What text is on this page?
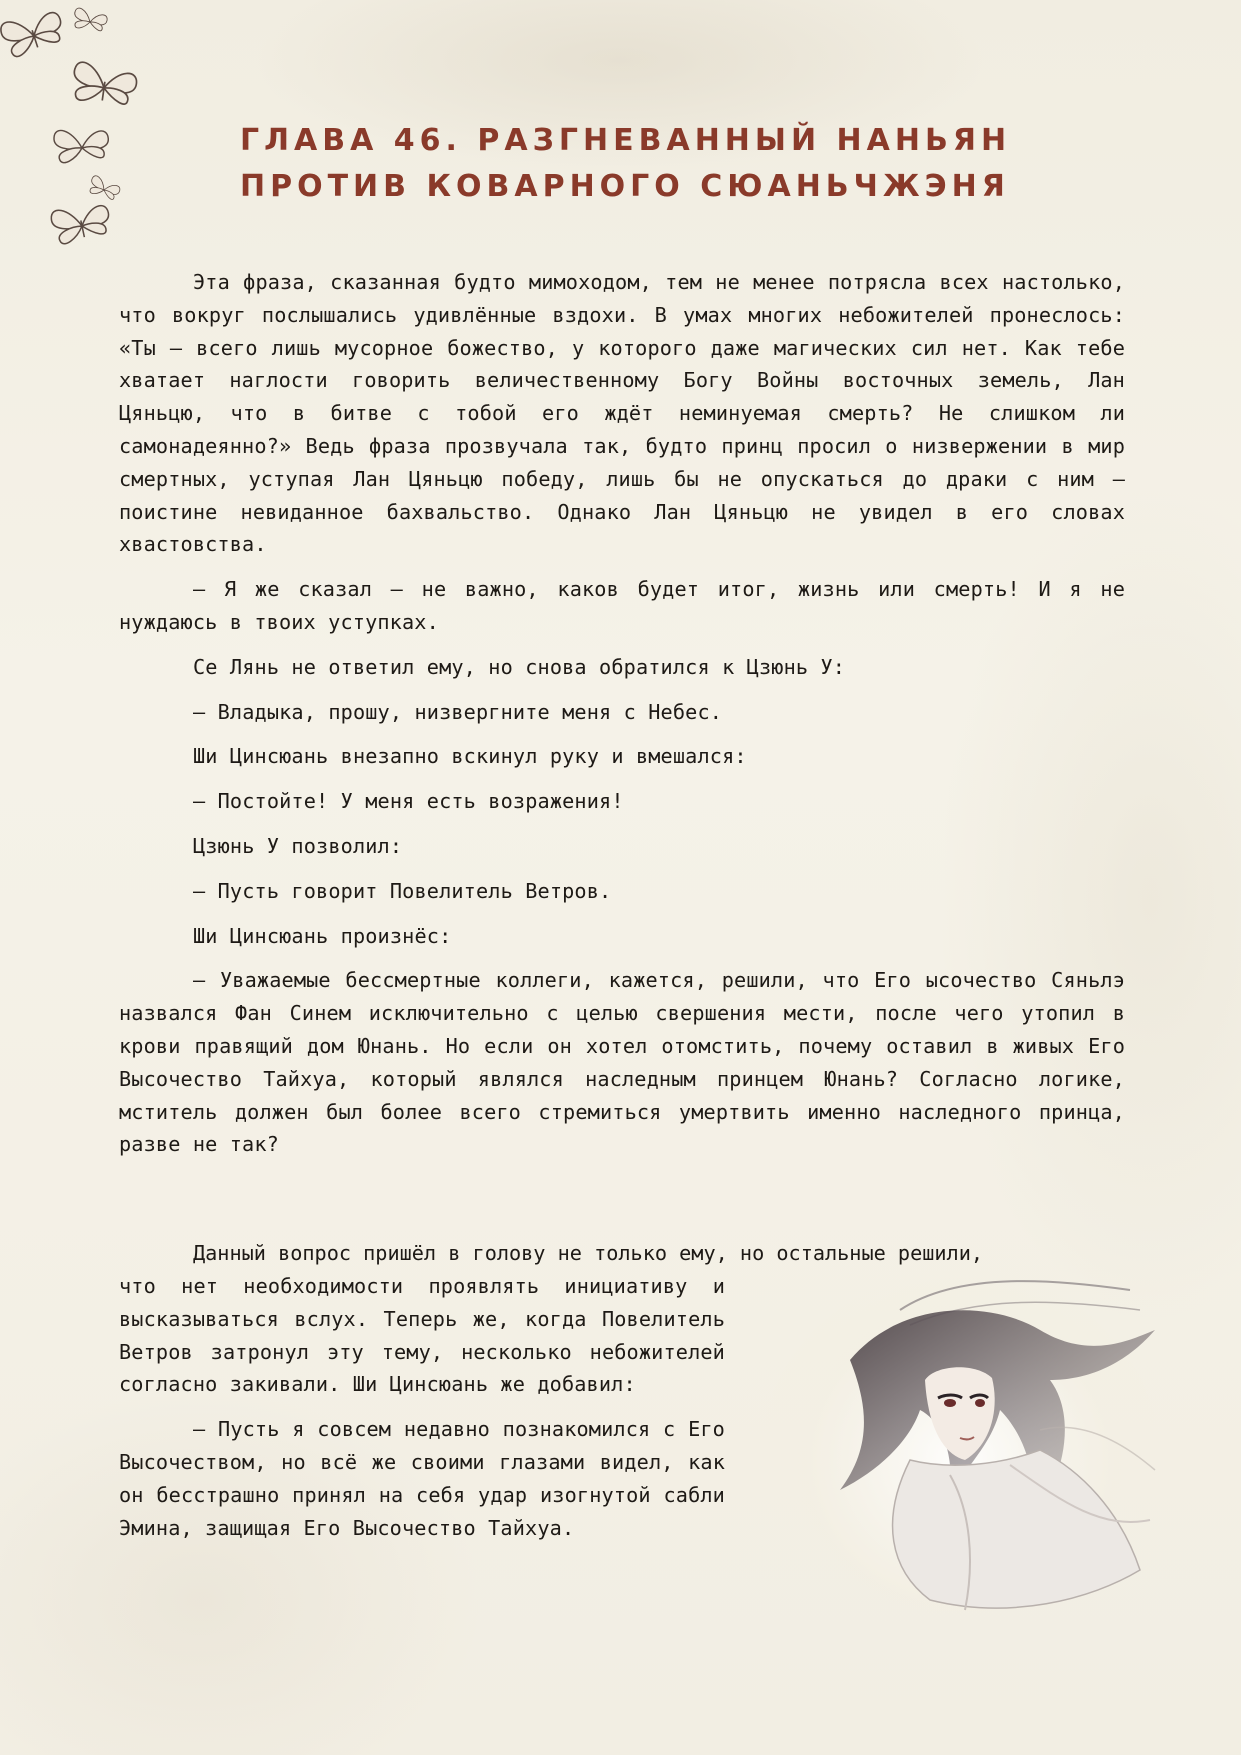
ГЛАВА 46. РАЗГНЕВАННЫЙ НАНЬЯН
ПРОТИВ КОВАРНОГО СЮАНЬЧЖЭНЯ

Эта фраза, сказанная будто мимоходом, тем не менее потрясла всех настолько, что вокруг послышались удивлённые вздохи. В умах многих небожителей пронеслось: «Ты — всего лишь мусорное божество, у которого даже магических сил нет. Как тебе хватает наглости говорить величественному Богу Войны восточных земель, Лан Цяньцю, что в битве с тобой его ждёт неминуемая смерть? Не слишком ли самонадеянно?» Ведь фраза прозвучала так, будто принц просил о низвержении в мир смертных, уступая Лан Цяньцю победу, лишь бы не опускаться до драки с ним — поистине невиданное бахвальство. Однако Лан Цяньцю не увидел в его словах хвастовства.

— Я же сказал — не важно, каков будет итог, жизнь или смерть! И я не нуждаюсь в твоих уступках.

Се Лянь не ответил ему, но снова обратился к Цзюнь У:

— Владыка, прошу, низвергните меня с Небес.

Ши Цинсюань внезапно вскинул руку и вмешался:

— Постойте! У меня есть возражения!

Цзюнь У позволил:

— Пусть говорит Повелитель Ветров.

Ши Цинсюань произнёс:

— Уважаемые бессмертные коллеги, кажется, решили, что Его ысочество Сяньлэ назвался Фан Синем исключительно с целью свершения мести, после чего утопил в крови правящий дом Юнань. Но если он хотел отомстить, почему оставил в живых Его Высочество Тайхуа, который являлся наследным принцем Юнань? Согласно логике, мститель должен был более всего стремиться умертвить именно наследного принца, разве не так?

Данный вопрос пришёл в голову не только ему, но остальные решили,

что нет необходимости проявлять инициативу и высказываться вслух. Теперь же, когда Повелитель Ветров затронул эту тему, несколько небожителей согласно закивали. Ши Цинсюань же добавил:

— Пусть я совсем недавно познакомился с Его Высочеством, но всё же своими глазами видел, как он бесстрашно принял на себя удар изогнутой сабли Эмина, защищая Его Высочество Тайхуа.
